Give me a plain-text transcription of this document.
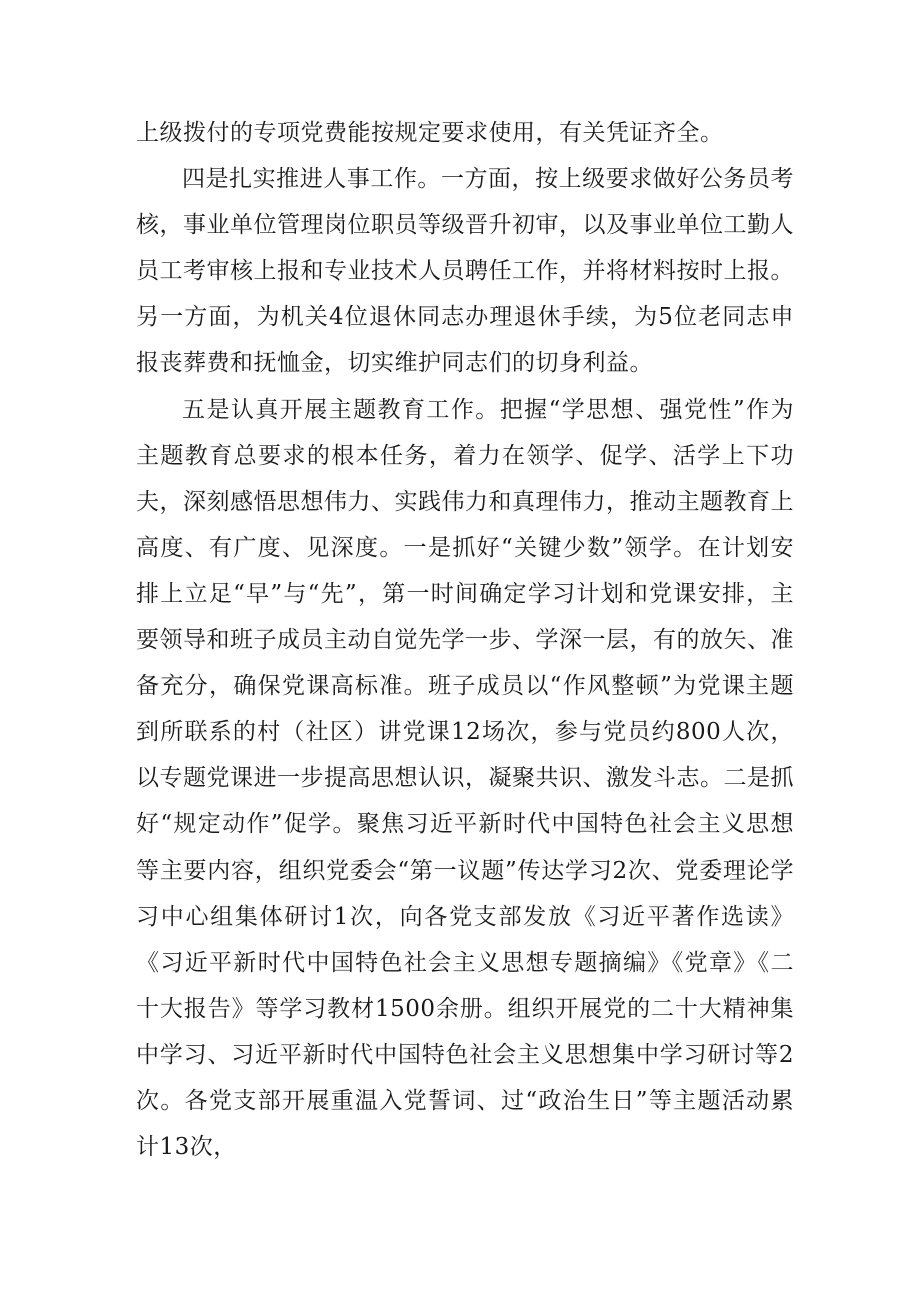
上级拨付的专项党费能按规定要求使用，有关凭证齐全。

四是扎实推进人事工作。一方面，按上级要求做好公务员考核，事业单位管理岗位职员等级晋升初审，以及事业单位工勤人员工考审核上报和专业技术人员聘任工作，并将材料按时上报。另一方面，为机关4位退休同志办理退休手续，为5位老同志申报丧葬费和抚恤金，切实维护同志们的切身利益。

五是认真开展主题教育工作。把握“学思想、强党性”作为主题教育总要求的根本任务，着力在领学、促学、活学上下功夫，深刻感悟思想伟力、实践伟力和真理伟力，推动主题教育上高度、有广度、见深度。一是抓好“关键少数”领学。在计划安排上立足“早”与“先”，第一时间确定学习计划和党课安排，主要领导和班子成员主动自觉先学一步、学深一层，有的放矢、准备充分，确保党课高标准。班子成员以“作风整顿”为党课主题到所联系的村（社区）讲党课12场次，参与党员约800人次，以专题党课进一步提高思想认识，凝聚共识、激发斗志。二是抓好“规定动作”促学。聚焦习近平新时代中国特色社会主义思想等主要内容，组织党委会“第一议题”传达学习2次、党委理论学习中心组集体研讨1次，向各党支部发放《习近平著作选读》《习近平新时代中国特色社会主义思想专题摘编》《党章》《二十大报告》等学习教材1500余册。组织开展党的二十大精神集中学习、习近平新时代中国特色社会主义思想集中学习研讨等2次。各党支部开展重温入党誓词、过“政治生日”等主题活动累计13次，
